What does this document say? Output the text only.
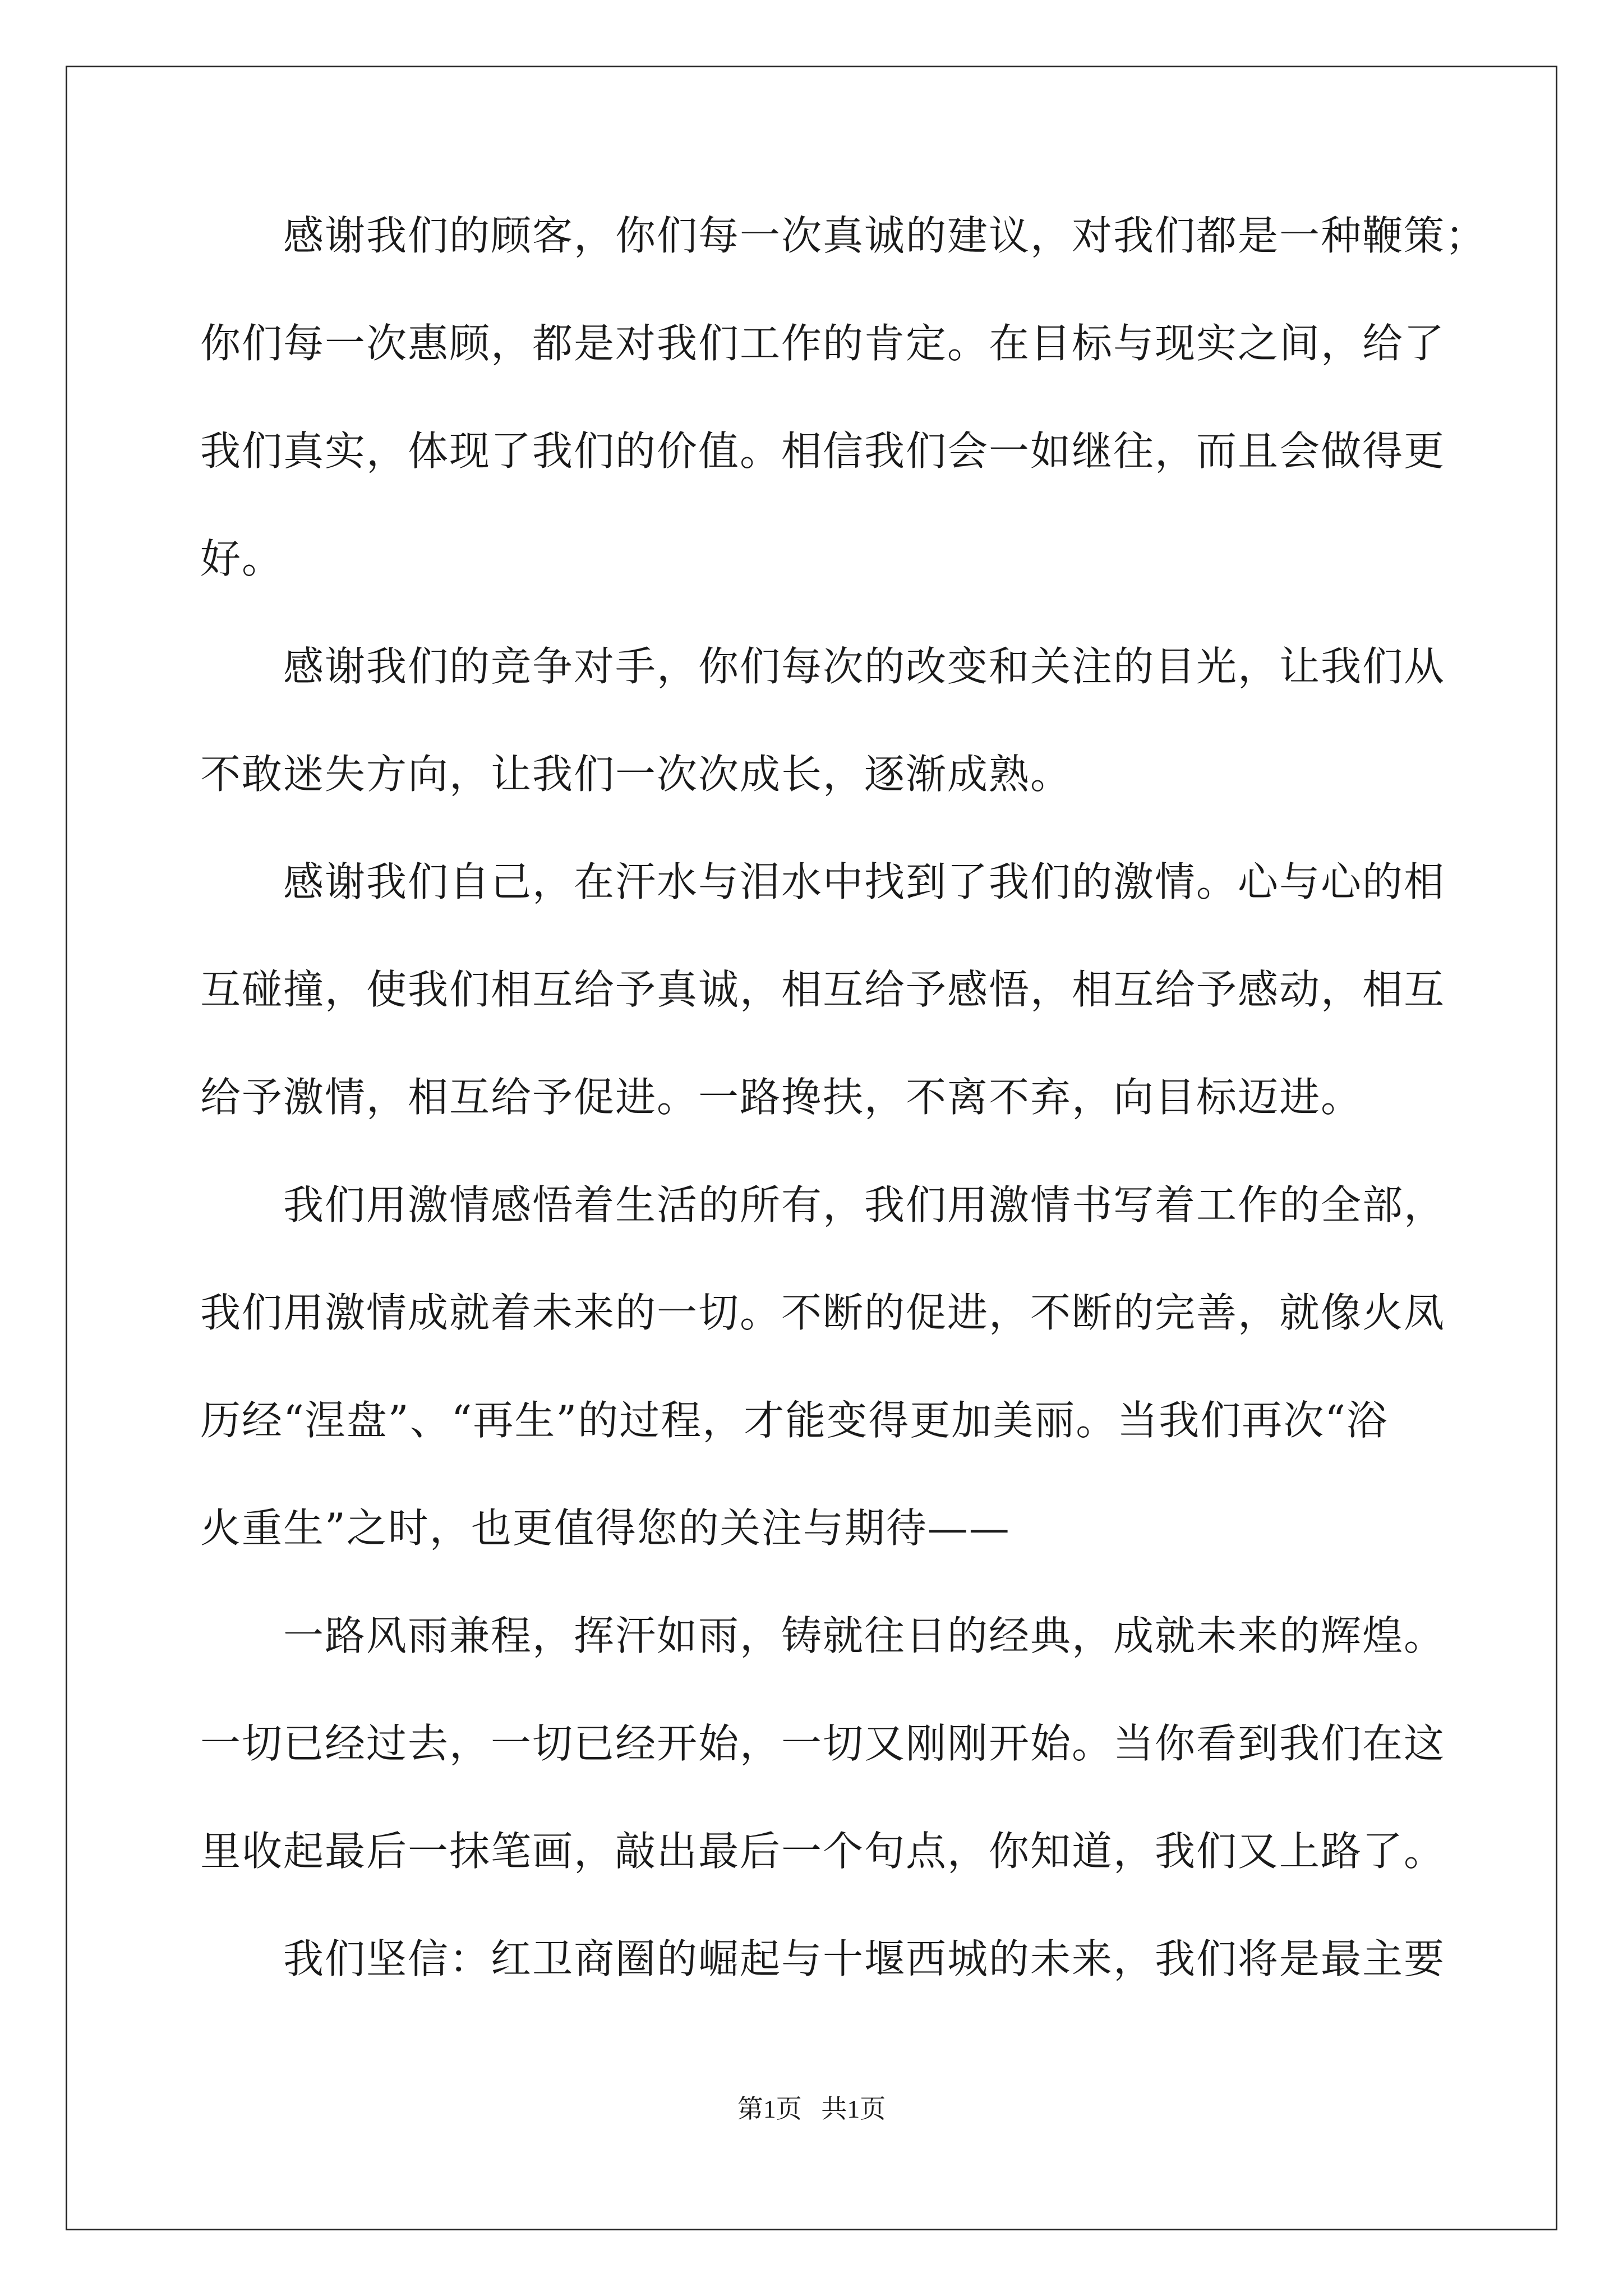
感谢我们的顾客，你们每一次真诚的建议，对我们都是一种鞭策；
你们每一次惠顾，都是对我们工作的肯定。在目标与现实之间，给了
我们真实，体现了我们的价值。相信我们会一如继往，而且会做得更
好。
感谢我们的竞争对手，你们每次的改变和关注的目光，让我们从
不敢迷失方向，让我们一次次成长，逐渐成熟。
感谢我们自己，在汗水与泪水中找到了我们的激情。心与心的相
互碰撞，使我们相互给予真诚，相互给予感悟，相互给予感动，相互
给予激情，相互给予促进。一路搀扶，不离不弃，向目标迈进。
我们用激情感悟着生活的所有，我们用激情书写着工作的全部，
我们用激情成就着未来的一切。不断的促进，不断的完善，就像火凤
历经“涅盘”、“再生”的过程，才能变得更加美丽。当我们再次“浴
火重生”之时，也更值得您的关注与期待——
一路风雨兼程，挥汗如雨，铸就往日的经典，成就未来的辉煌。
一切已经过去，一切已经开始，一切又刚刚开始。当你看到我们在这
里收起最后一抹笔画，敲出最后一个句点，你知道，我们又上路了。
我们坚信：红卫商圈的崛起与十堰西城的未来，我们将是最主要
第1页 共1页
